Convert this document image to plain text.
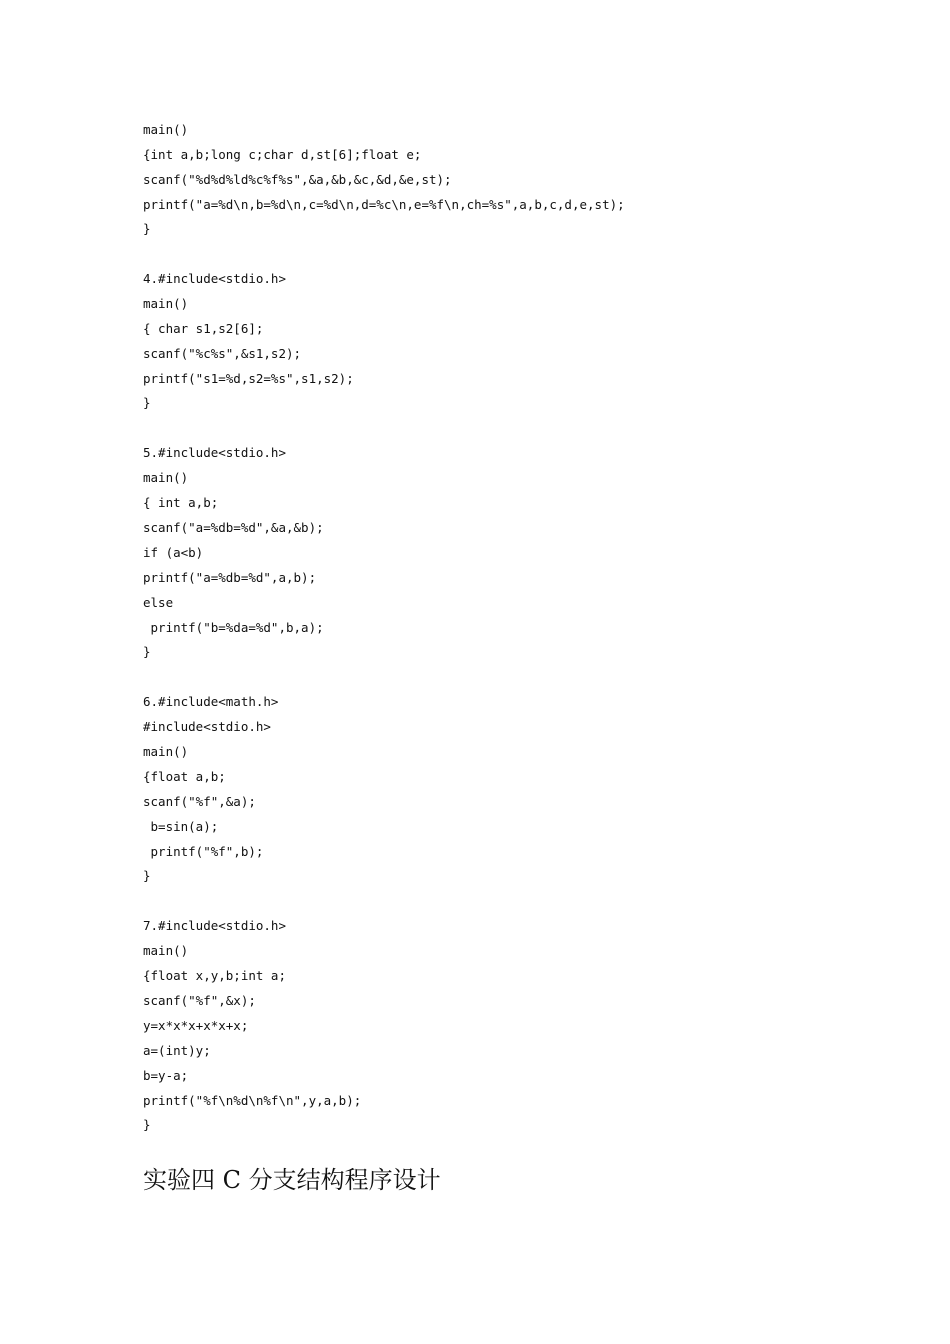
main()
{int a,b;long c;char d,st[6];float e;
scanf("%d%d%ld%c%f%s",&a,&b,&c,&d,&e,st);
printf("a=%d\n,b=%d\n,c=%d\n,d=%c\n,e=%f\n,ch=%s",a,b,c,d,e,st);
}
4.#include<stdio.h>
main()
{ char s1,s2[6];
scanf("%c%s",&s1,s2);
printf("s1=%d,s2=%s",s1,s2);
}
5.#include<stdio.h>
main()
{ int a,b;
scanf("a=%db=%d",&a,&b);
if (a<b)
printf("a=%db=%d",a,b);
else
printf("b=%da=%d",b,a);
}
6.#include<math.h>
#include<stdio.h>
main()
{float a,b;
scanf("%f",&a);
b=sin(a);
printf("%f",b);
}
7.#include<stdio.h>
main()
{float x,y,b;int a;
scanf("%f",&x);
y=x*x*x+x*x+x;
a=(int)y;
b=y-a;
printf("%f\n%d\n%f\n",y,a,b);
}
实验四 C 分支结构程序设计
